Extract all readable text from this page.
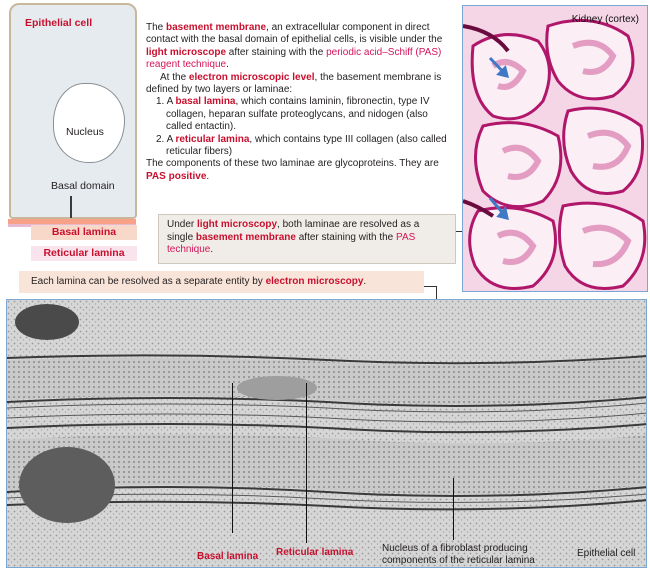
Epithelial cell
Nucleus
Basal domain
Basal lamina
Reticular lamina

The basement membrane, an extracellular component in direct contact with the basal domain of epithelial cells, is visible under the light microscope after staining with the periodic acid–Schiff (PAS) reagent technique.

At the electron microscopic level, the basement membrane is defined by two layers or laminae:

1. A basal lamina, which contains laminin, fibronectin, type IV collagen, heparan sulfate proteoglycans, and nidogen (also called entactin).

2. A reticular lamina, which contains type III collagen (also called reticular fibers)

The components of these two laminae are glycoproteins. They are PAS positive.

Under light microscopy, both laminae are resolved as a single basement membrane after staining with the PAS technique.
Kidney (cortex)
Each lamina can be resolved as a separate entity by electron microscopy.
Basal lamina Reticular lamina	Nucleus of a fibroblast producing
components of the reticular lamina
Epithelial cell
